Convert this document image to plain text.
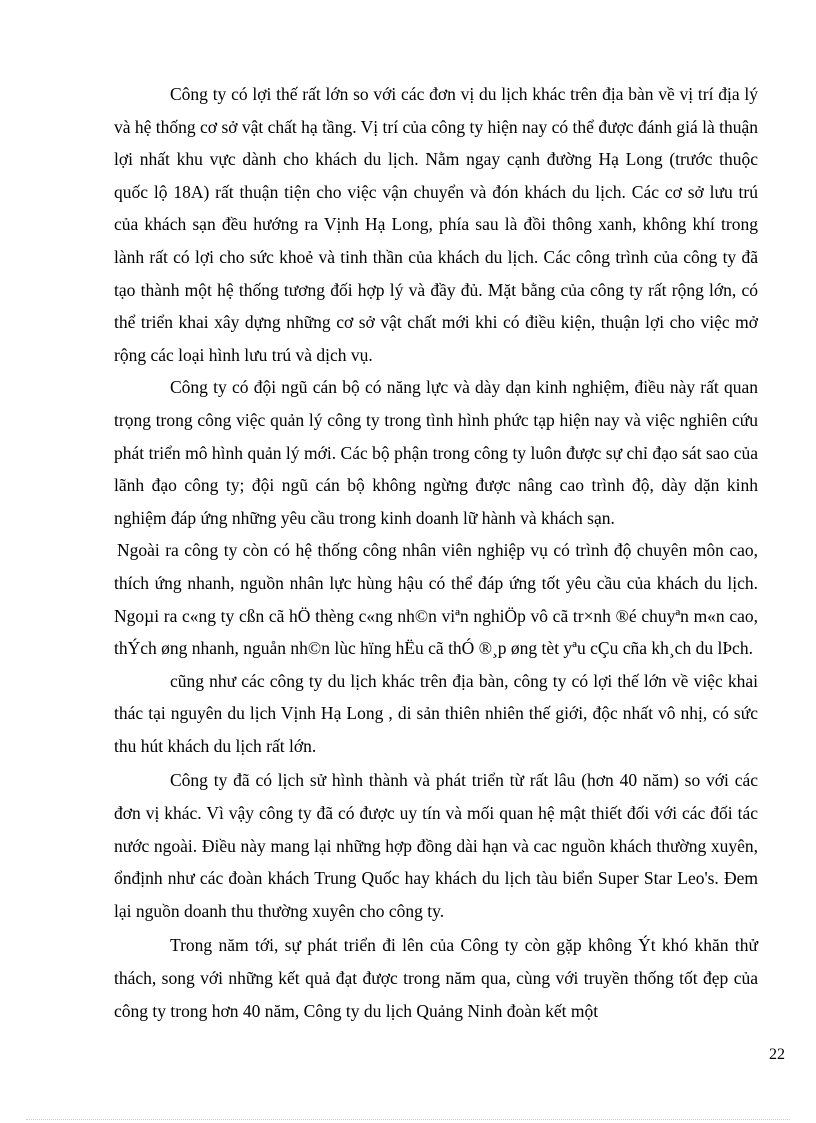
Công ty có lợi thế rất lớn so với các đơn vị du lịch khác trên địa bàn về vị trí địa lý và hệ thống cơ sở vật chất hạ tầng. Vị trí của công ty hiện nay có thể được đánh giá là thuận lợi nhất khu vực dành cho khách du lịch. Nằm ngay cạnh đường Hạ Long (trước thuộc quốc lộ 18A) rất thuận tiện cho việc vận chuyển và đón khách du lịch. Các cơ sở lưu trú của khách sạn đều hướng ra Vịnh Hạ Long, phía sau là đồi thông xanh, không khí trong lành rất có lợi cho sức khoẻ và tinh thần của khách du lịch. Các công trình của công ty đã tạo thành một hệ thống tương đối hợp lý và đầy đủ. Mặt bằng của công ty rất rộng lớn, có thể triển khai xây dựng những cơ sở vật chất mới khi có điều kiện, thuận lợi cho việc mở rộng các loại hình lưu trú và dịch vụ.

Công ty có đội ngũ cán bộ có năng lực và dày dạn kinh nghiệm, điều này rất quan trọng trong công việc quản lý công ty trong tình hình phức tạp hiện nay và việc nghiên cứu phát triển mô hình quản lý mới. Các bộ phận trong công ty luôn được sự chỉ đạo sát sao của lãnh đạo công ty; đội ngũ cán bộ không ngừng được nâng cao trình độ, dày dặn kinh nghiệm đáp ứng những yêu cầu trong kinh doanh lữ hành và khách sạn.

Ngoài ra công ty còn có hệ thống công nhân viên nghiệp vụ có trình độ chuyên môn cao, thích ứng nhanh, nguồn nhân lực hùng hậu có thể đáp ứng tốt yêu cầu của khách du lịch. Ngoµi ra c«ng ty cßn cã hÖ thèng c«ng nh©n viªn nghiÖp vô cã tr×nh ®é chuyªn m«n cao, thÝch øng nhanh, nguån nh©n lùc hïng hËu cã thÓ ®¸p øng tèt yªu cÇu cña kh¸ch du lÞch.

cũng như các công ty du lịch khác trên địa bàn, công ty có lợi thế lớn về việc khai thác tại nguyên du lịch Vịnh Hạ Long , di sản thiên nhiên thế giới, độc nhất vô nhị, có sức thu hút khách du lịch rất lớn.

Công ty đã có lịch sử hình thành và phát triển từ rất lâu (hơn 40 năm) so với các đơn vị khác. Vì vậy công ty đã có được uy tín và mối quan hệ mật thiết đối với các đối tác nước ngoài. Điều này mang lại những hợp đồng dài hạn và cac nguồn khách thường xuyên, ổnđịnh như các đoàn khách Trung Quốc hay khách du lịch tàu biển Super Star Leo's. Đem lại nguồn doanh thu thường xuyên cho công ty.

Trong năm tới, sự phát triển đi lên của Công ty còn gặp không Ýt khó khăn thử thách, song với những kết quả đạt được trong năm qua, cùng với truyền thống tốt đẹp của công ty trong hơn 40 năm, Công ty du lịch Quảng Ninh đoàn kết một

22
